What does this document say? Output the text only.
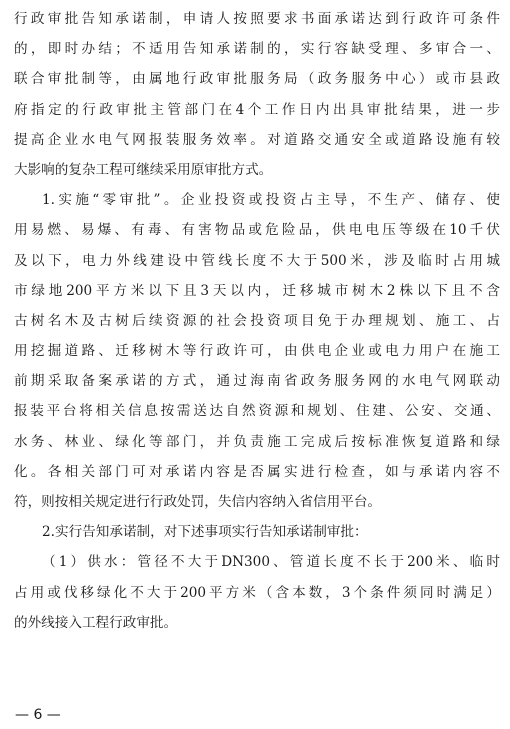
行政审批告知承诺制，申请人按照要求书面承诺达到行政许可条件
的，即时办结；不适用告知承诺制的，实行容缺受理、多审合一、
联合审批制等，由属地行政审批服务局（政务服务中心）或市县政
府指定的行政审批主管部门在4个工作日内出具审批结果，进一步
提高企业水电气网报装服务效率。对道路交通安全或道路设施有较
大影响的复杂工程可继续采用原审批方式。
1.实施“零审批”。企业投资或投资占主导，不生产、储存、使
用易燃、易爆、有毒、有害物品或危险品，供电电压等级在10千伏
及以下，电力外线建设中管线长度不大于500米，涉及临时占用城
市绿地200平方米以下且3天以内，迁移城市树木2株以下且不含
古树名木及古树后续资源的社会投资项目免于办理规划、施工、占
用挖掘道路、迁移树木等行政许可，由供电企业或电力用户在施工
前期采取备案承诺的方式，通过海南省政务服务网的水电气网联动
报装平台将相关信息按需送达自然资源和规划、住建、公安、交通、
水务、林业、绿化等部门，并负责施工完成后按标准恢复道路和绿
化。各相关部门可对承诺内容是否属实进行检查，如与承诺内容不
符，则按相关规定进行行政处罚，失信内容纳入省信用平台。
2.实行告知承诺制，对下述事项实行告知承诺制审批：
（1）供水：管径不大于DN300、管道长度不长于200米、临时
占用或伐移绿化不大于200平方米（含本数，3个条件须同时满足）
的外线接入工程行政审批。
— 6 —
